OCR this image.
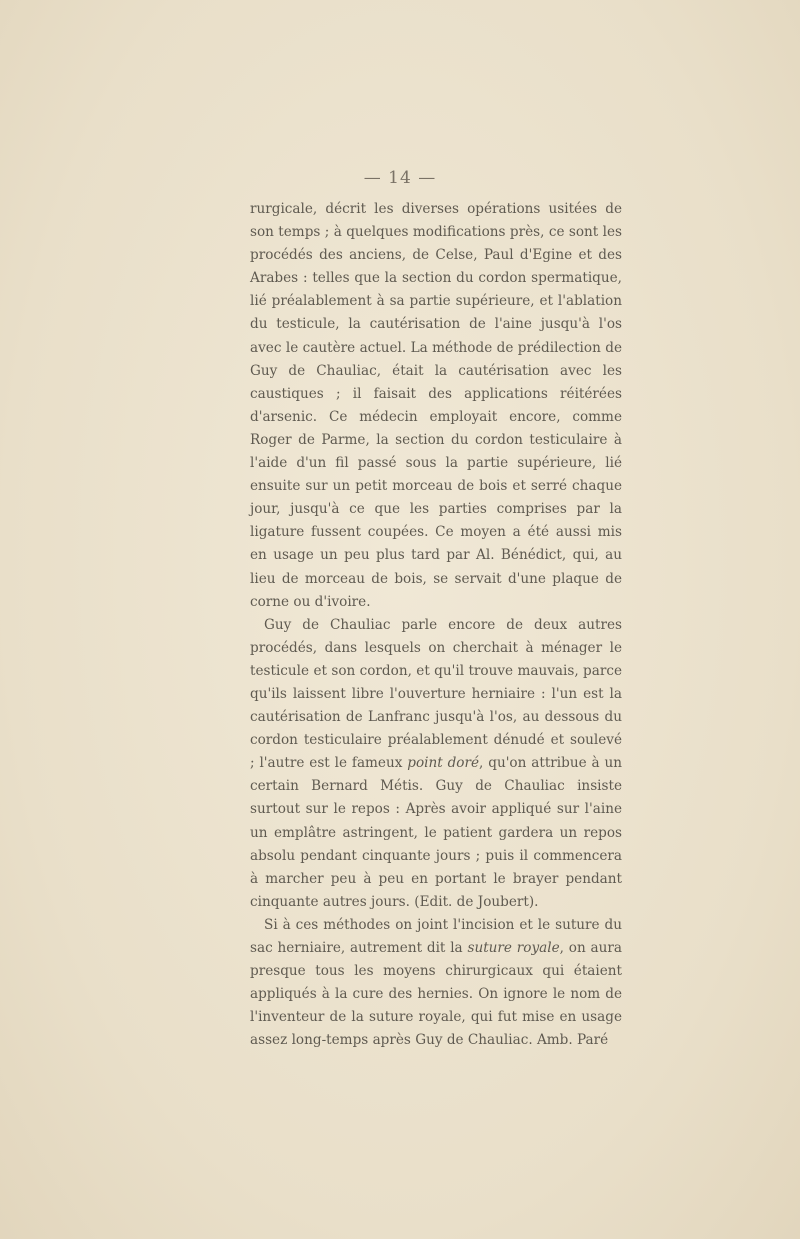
— 14 —

rurgicale, décrit les diverses opérations usitées de son temps ; à quelques modifications près, ce sont les procédés des anciens, de Celse, Paul d'Egine et des Arabes : telles que la section du cordon spermatique, lié préalablement à sa partie supérieure, et l'ablation du testicule, la cautérisation de l'aine jusqu'à l'os avec le cautère actuel. La méthode de prédilection de Guy de Chauliac, était la cautérisation avec les caustiques ; il faisait des applications réitérées d'arsenic. Ce médecin employait encore, comme Roger de Parme, la section du cordon testiculaire à l'aide d'un fil passé sous la partie supérieure, lié ensuite sur un petit morceau de bois et serré chaque jour, jusqu'à ce que les parties comprises par la ligature fussent coupées. Ce moyen a été aussi mis en usage un peu plus tard par Al. Bénédict, qui, au lieu de morceau de bois, se servait d'une plaque de corne ou d'ivoire.

Guy de Chauliac parle encore de deux autres procédés, dans lesquels on cherchait à ménager le testicule et son cordon, et qu'il trouve mauvais, parce qu'ils laissent libre l'ouverture herniaire : l'un est la cautérisation de Lanfranc jusqu'à l'os, au dessous du cordon testiculaire préalablement dénudé et soulevé ; l'autre est le fameux point doré, qu'on attribue à un certain Bernard Métis. Guy de Chauliac insiste surtout sur le repos : Après avoir appliqué sur l'aine un emplâtre astringent, le patient gardera un repos absolu pendant cinquante jours ; puis il commencera à marcher peu à peu en portant le brayer pendant cinquante autres jours. (Edit. de Joubert).

Si à ces méthodes on joint l'incision et le suture du sac herniaire, autrement dit la suture royale, on aura presque tous les moyens chirurgicaux qui étaient appliqués à la cure des hernies. On ignore le nom de l'inventeur de la suture royale, qui fut mise en usage assez long-temps après Guy de Chauliac. Amb. Paré
